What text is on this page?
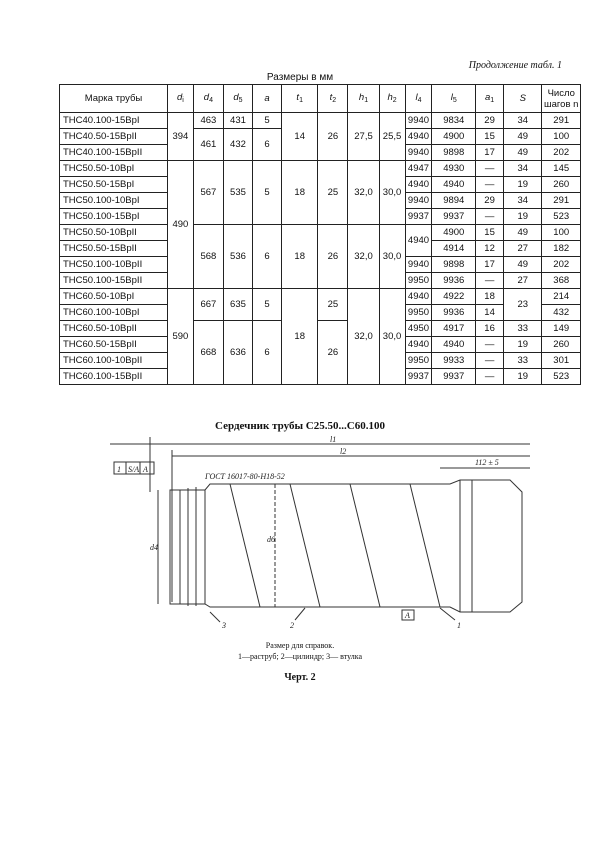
Продолжение табл. 1
Размеры в мм
Марка трубы	$d_i$	$d_4$	$d_5$	a	$t_1$	$t_2$	$h_1$	$h_2$	$l_4$	$l_5$	$a_1$	S	Число шагов n
ТНС40.100-15ВрI	394	463	431	5	14	26	27,5	25,5	9940	9834	29	34	291
ТНС40.50-15ВрII		461	432	6					4940	4900	15	49	100
ТНС40.100-15ВрII									9940	9898	17	49	202
ТНС50.50-10ВрI	490	567	535	5	18	25	32,0	30,0	4947	4930	—	34	145
ТНС50.50-15ВрI									4940	4940	—	19	260
ТНС50.100-10ВрI									9940	9894	29	34	291
ТНС50.100-15ВрI									9937	9937	—	19	523
ТНС50.50-10ВрII		568	536	6	18	26	32,0	30,0	4940	4900	15	49	100
ТНС50.50-15ВрII										4914	12	27	182
ТНС50.100-10ВрII									9940	9898	17	49	202
ТНС50.100-15ВрII									9950	9936	—	27	368
ТНС60.50-10ВрI	590	667	635	5	18	25	32,0	30,0	4940	4922	18	23	214
ТНС60.100-10ВрI									9950	9936	14		432
ТНС60.50-10ВрII		668	636	6		26			4950	4917	16	33	149
ТНС60.50-15ВрII									4940	4940	—	19	260
ТНС60.100-10ВрII									9950	9933	—	33	301
ТНС60.100-15ВрII									9937	9937	—	19	523
Сердечник трубы С25.50...С60.100
ГОСТ 16017-80-Н18-52
l1
l2
112 ± 5
d4
d6
1 S/A A
3	2
A
1
Размер для справок.
1—раструб; 2—цилиндр; 3— втулка
Черт. 2
